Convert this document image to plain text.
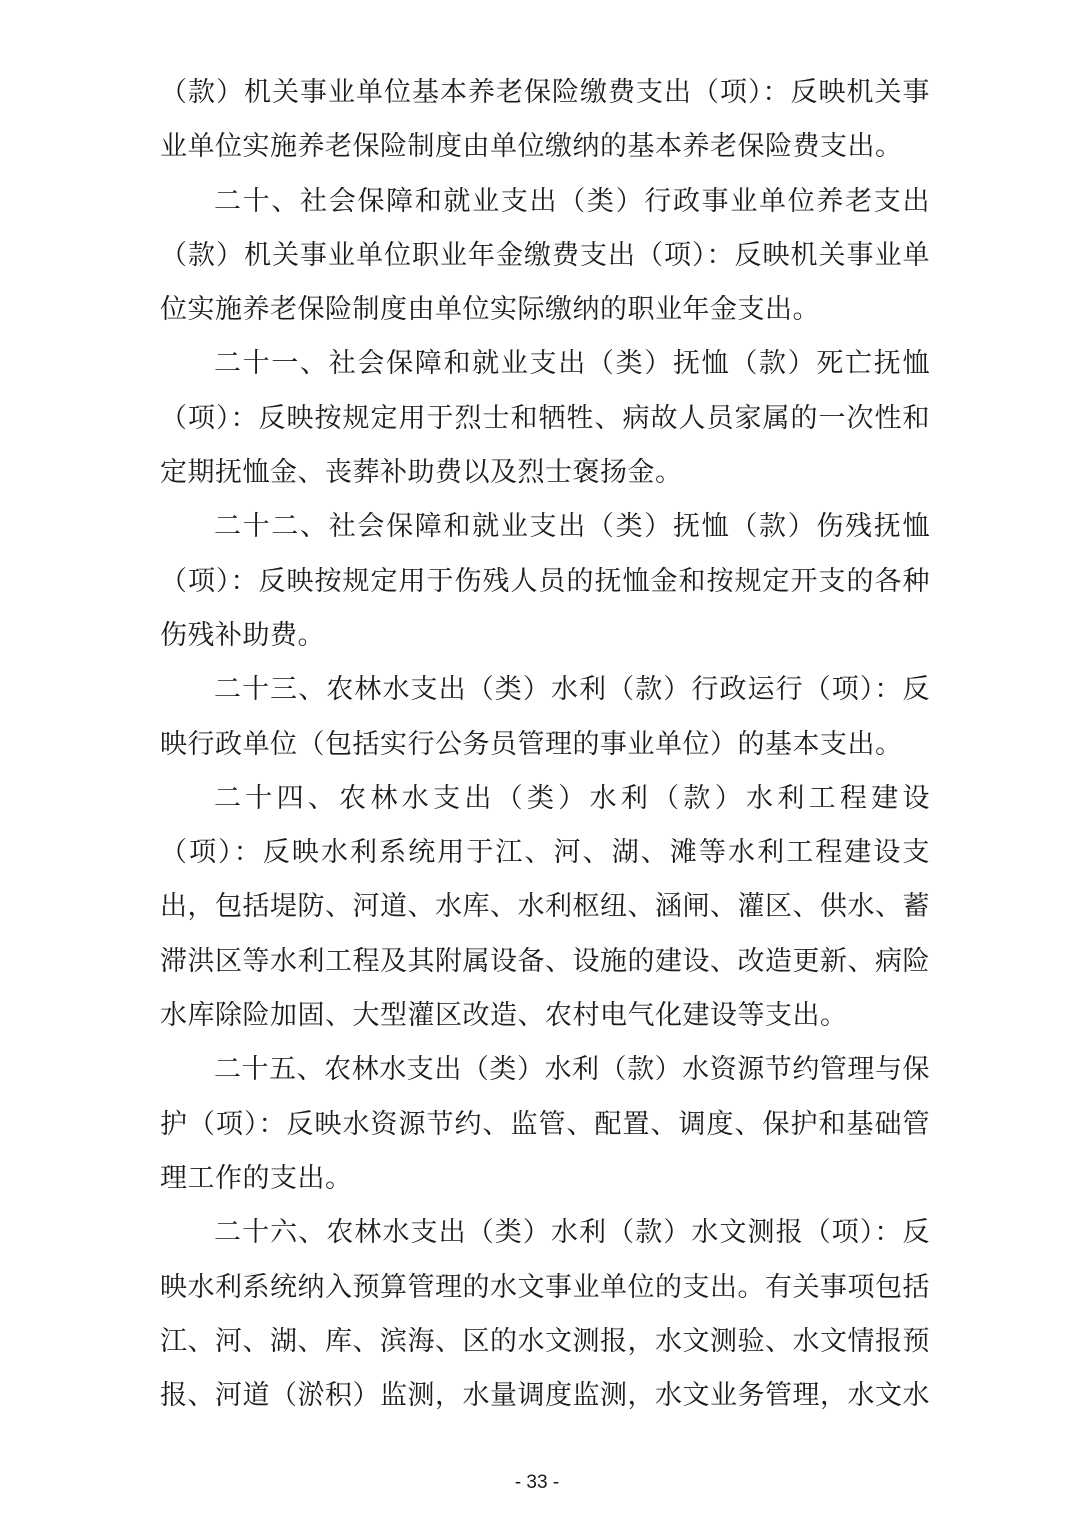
（款）机关事业单位基本养老保险缴费支出（项）：反映机关事业单位实施养老保险制度由单位缴纳的基本养老保险费支出。

二十、社会保障和就业支出（类）行政事业单位养老支出（款）机关事业单位职业年金缴费支出（项）：反映机关事业单位实施养老保险制度由单位实际缴纳的职业年金支出。

二十一、社会保障和就业支出（类）抚恤（款）死亡抚恤（项）：反映按规定用于烈士和牺牲、病故人员家属的一次性和定期抚恤金、丧葬补助费以及烈士褒扬金。

二十二、社会保障和就业支出（类）抚恤（款）伤残抚恤（项）：反映按规定用于伤残人员的抚恤金和按规定开支的各种伤残补助费。

二十三、农林水支出（类）水利（款）行政运行（项）：反映行政单位（包括实行公务员管理的事业单位）的基本支出。

二十四、农林水支出（类）水利（款）水利工程建设（项）：反映水利系统用于江、河、湖、滩等水利工程建设支出，包括堤防、河道、水库、水利枢纽、涵闸、灌区、供水、蓄滞洪区等水利工程及其附属设备、设施的建设、改造更新、病险水库除险加固、大型灌区改造、农村电气化建设等支出。

二十五、农林水支出（类）水利（款）水资源节约管理与保护（项）：反映水资源节约、监管、配置、调度、保护和基础管理工作的支出。

二十六、农林水支出（类）水利（款）水文测报（项）：反映水利系统纳入预算管理的水文事业单位的支出。有关事项包括江、河、湖、库、滨海、区的水文测报，水文测验、水文情报预报、河道（淤积）监测，水量调度监测，水文业务管理，水文水

- 33 -
